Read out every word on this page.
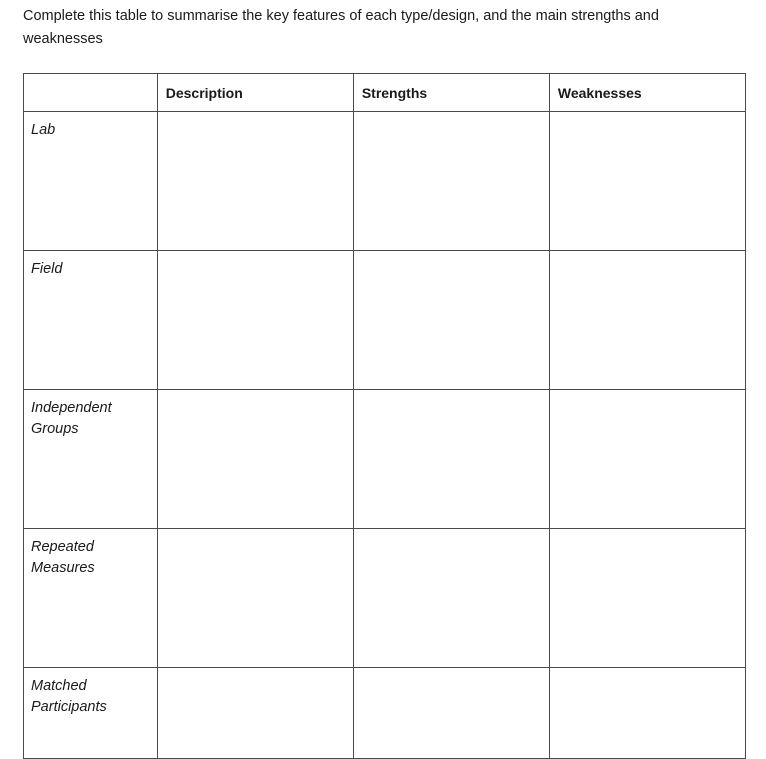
Complete this table to summarise the key features of each type/design, and the main strengths and weaknesses

	Description	Strengths	Weaknesses

Lab			

Field			

Independent Groups			

Repeated Measures			

Matched Participants			
